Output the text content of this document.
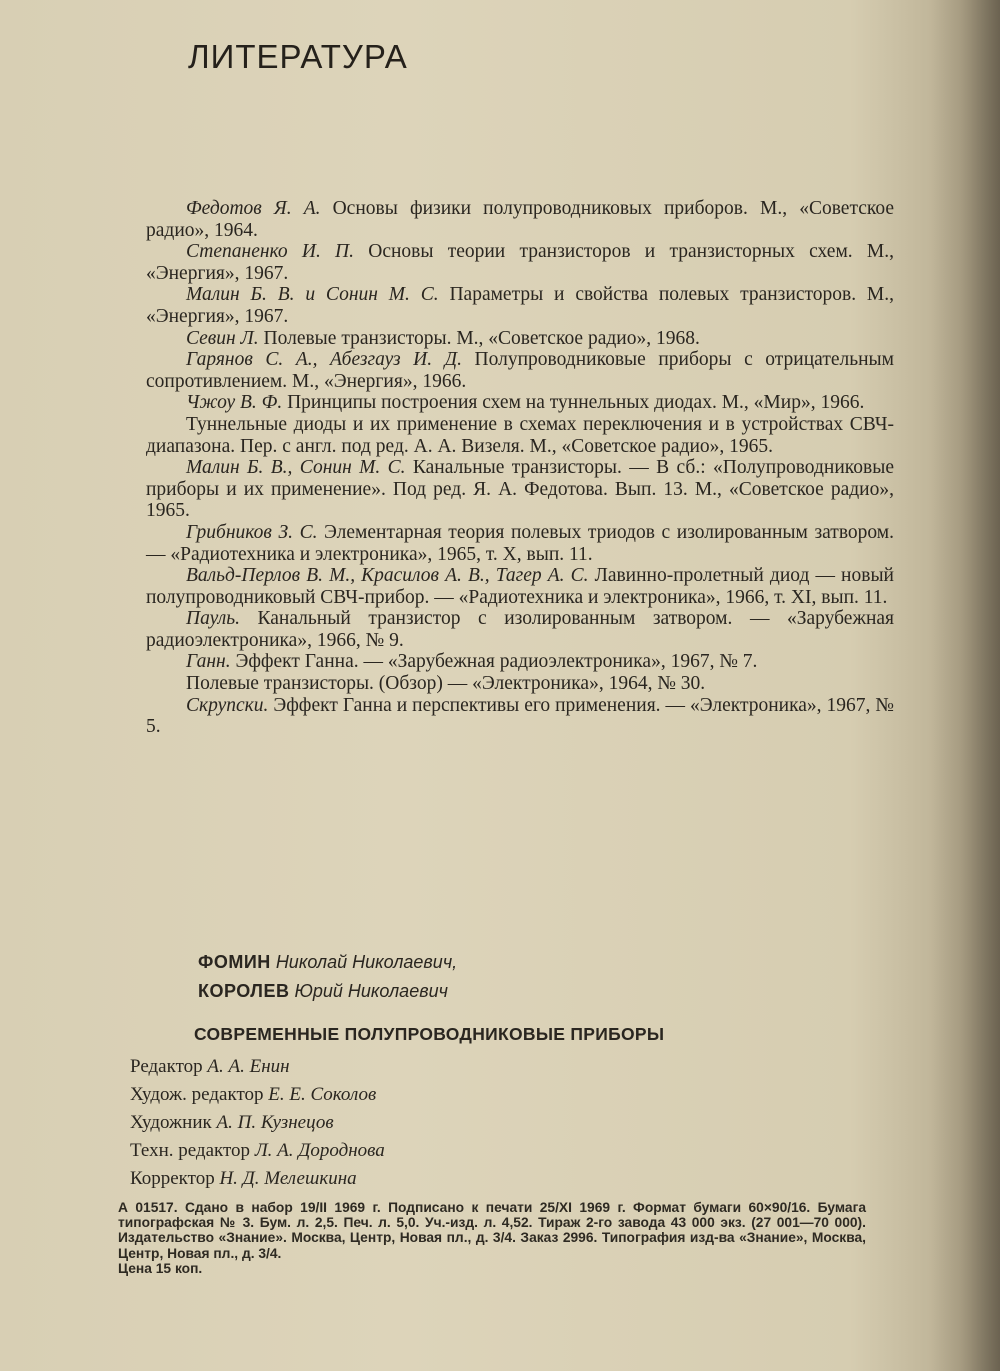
ЛИТЕРАТУРА

Федотов Я. А. Основы физики полупроводниковых приборов. М., «Советское радио», 1964.

Степаненко И. П. Основы теории транзисторов и транзисторных схем. М., «Энергия», 1967.

Малин Б. В. и Сонин М. С. Параметры и свойства полевых транзисторов. М., «Энергия», 1967.

Севин Л. Полевые транзисторы. М., «Советское радио», 1968.

Гарянов С. А., Абезгауз И. Д. Полупроводниковые приборы с отрицательным сопротивлением. М., «Энергия», 1966.

Чжоу В. Ф. Принципы построения схем на туннельных диодах. М., «Мир», 1966.

Туннельные диоды и их применение в схемах переключения и в устройствах СВЧ-диапазона. Пер. с англ. под ред. А. А. Визеля. М., «Советское радио», 1965.

Малин Б. В., Сонин М. С. Канальные транзисторы. — В сб.: «Полупроводниковые приборы и их применение». Под ред. Я. А. Федотова. Вып. 13. М., «Советское радио», 1965.

Грибников З. С. Элементарная теория полевых триодов с изолированным затвором. — «Радиотехника и электроника», 1965, т. X, вып. 11.

Вальд-Перлов В. М., Красилов А. В., Тагер А. С. Лавинно-пролетный диод — новый полупроводниковый СВЧ-прибор. — «Радиотехника и электроника», 1966, т. XI, вып. 11.

Пауль. Канальный транзистор с изолированным затвором. — «Зарубежная радиоэлектроника», 1966, № 9.

Ганн. Эффект Ганна. — «Зарубежная радиоэлектроника», 1967, № 7.

Полевые транзисторы. (Обзор) — «Электроника», 1964, № 30.

Скрупски. Эффект Ганна и перспективы его применения. — «Электроника», 1967, № 5.

ФОМИН Николай Николаевич,
КОРОЛЕВ Юрий Николаевич
СОВРЕМЕННЫЕ ПОЛУПРОВОДНИКОВЫЕ ПРИБОРЫ
Редактор А. А. Енин
Худож. редактор Е. Е. Соколов
Художник А. П. Кузнецов
Техн. редактор Л. А. Дороднова
Корректор Н. Д. Мелешкина

А 01517. Сдано в набор 19/II 1969 г. Подписано к печати 25/XI 1969 г. Формат бумаги 60×90/16. Бумага типографская № 3. Бум. л. 2,5. Печ. л. 5,0. Уч.-изд. л. 4,52. Тираж 2-го завода 43 000 экз. (27 001—70 000). Издательство «Знание». Москва, Центр, Новая пл., д. 3/4. Заказ 2996. Типография изд-ва «Знание», Москва, Центр, Новая пл., д. 3/4.

Цена 15 коп.
